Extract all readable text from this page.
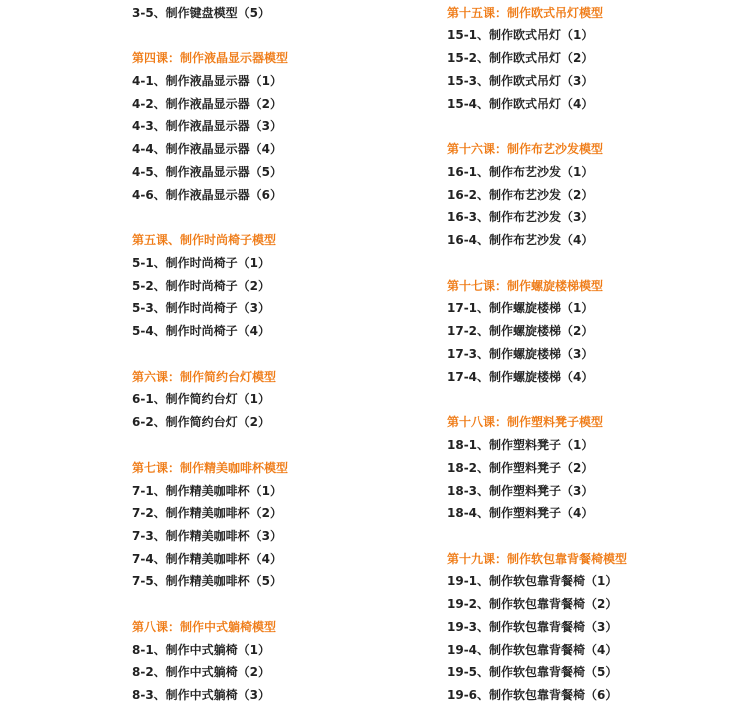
3-5、制作键盘模型（5）
第四课：制作液晶显示器模型
4-1、制作液晶显示器（1）
4-2、制作液晶显示器（2）
4-3、制作液晶显示器（3）
4-4、制作液晶显示器（4）
4-5、制作液晶显示器（5）
4-6、制作液晶显示器（6）
第五课、制作时尚椅子模型
5-1、制作时尚椅子（1）
5-2、制作时尚椅子（2）
5-3、制作时尚椅子（3）
5-4、制作时尚椅子（4）
第六课：制作简约台灯模型
6-1、制作简约台灯（1）
6-2、制作简约台灯（2）
第七课：制作精美咖啡杯模型
7-1、制作精美咖啡杯（1）
7-2、制作精美咖啡杯（2）
7-3、制作精美咖啡杯（3）
7-4、制作精美咖啡杯（4）
7-5、制作精美咖啡杯（5）
第八课：制作中式躺椅模型
8-1、制作中式躺椅（1）
8-2、制作中式躺椅（2）
8-3、制作中式躺椅（3）
第十五课：制作欧式吊灯模型
15-1、制作欧式吊灯（1）
15-2、制作欧式吊灯（2）
15-3、制作欧式吊灯（3）
15-4、制作欧式吊灯（4）
第十六课：制作布艺沙发模型
16-1、制作布艺沙发（1）
16-2、制作布艺沙发（2）
16-3、制作布艺沙发（3）
16-4、制作布艺沙发（4）
第十七课：制作螺旋楼梯模型
17-1、制作螺旋楼梯（1）
17-2、制作螺旋楼梯（2）
17-3、制作螺旋楼梯（3）
17-4、制作螺旋楼梯（4）
第十八课：制作塑料凳子模型
18-1、制作塑料凳子（1）
18-2、制作塑料凳子（2）
18-3、制作塑料凳子（3）
18-4、制作塑料凳子（4）
第十九课：制作软包靠背餐椅模型
19-1、制作软包靠背餐椅（1）
19-2、制作软包靠背餐椅（2）
19-3、制作软包靠背餐椅（3）
19-4、制作软包靠背餐椅（4）
19-5、制作软包靠背餐椅（5）
19-6、制作软包靠背餐椅（6）
